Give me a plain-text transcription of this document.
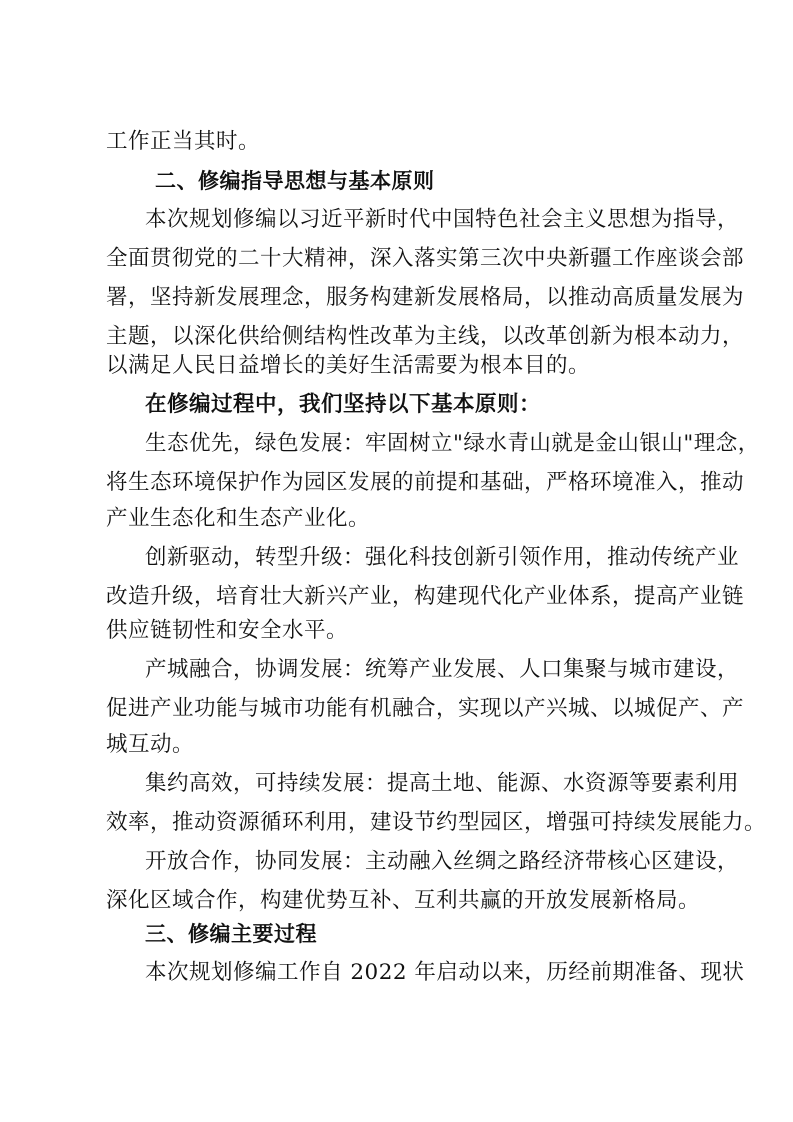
工作正当其时。
二、修编指导思想与基本原则
本次规划修编以习近平新时代中国特色社会主义思想为指导，
全面贯彻党的二十大精神，深入落实第三次中央新疆工作座谈会部
署，坚持新发展理念，服务构建新发展格局，以推动高质量发展为
主题，以深化供给侧结构性改革为主线，以改革创新为根本动力，
以满足人民日益增长的美好生活需要为根本目的。
在修编过程中，我们坚持以下基本原则：
生态优先，绿色发展：牢固树立"绿水青山就是金山银山"理念，
将生态环境保护作为园区发展的前提和基础，严格环境准入，推动
产业生态化和生态产业化。
创新驱动，转型升级：强化科技创新引领作用，推动传统产业
改造升级，培育壮大新兴产业，构建现代化产业体系，提高产业链
供应链韧性和安全水平。
产城融合，协调发展：统筹产业发展、人口集聚与城市建设，
促进产业功能与城市功能有机融合，实现以产兴城、以城促产、产
城互动。
集约高效，可持续发展：提高土地、能源、水资源等要素利用
效率，推动资源循环利用，建设节约型园区，增强可持续发展能力。
开放合作，协同发展：主动融入丝绸之路经济带核心区建设，
深化区域合作，构建优势互补、互利共赢的开放发展新格局。
三、修编主要过程
本次规划修编工作自 2022 年启动以来，历经前期准备、现状
